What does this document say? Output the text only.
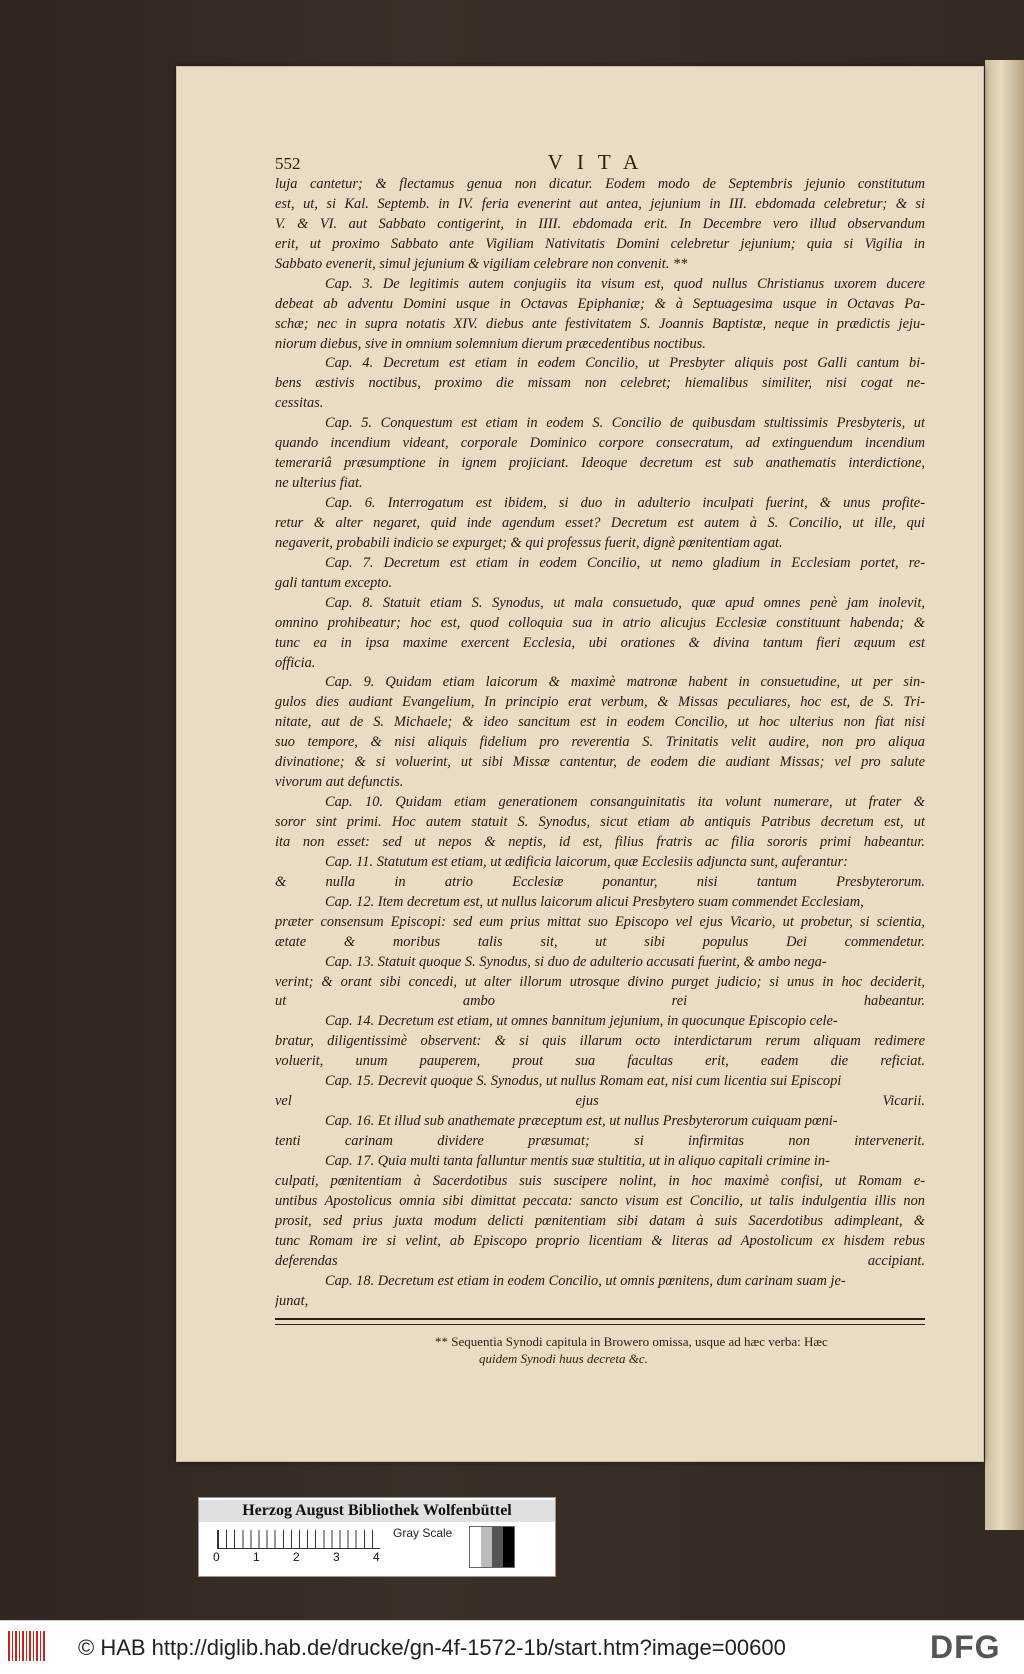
552	VITA
luja cantetur; & flectamus genua non dicatur. Eodem modo de Septembris jejunio constitutum
est, ut, si Kal. Septemb. in IV. feria evenerint aut antea, jejunium in III. ebdomada celebretur; & si
V. & VI. aut Sabbato contigerint, in IIII. ebdomada erit. In Decembre vero illud observandum
erit, ut proximo Sabbato ante Vigiliam Nativitatis Domini celebretur jejunium; quia si Vigilia in
Sabbato evenerit, simul jejunium & vigiliam celebrare non convenit. **
Cap. 3. De legitimis autem conjugiis ita visum est, quod nullus Christianus uxorem ducere
debeat ab adventu Domini usque in Octavas Epiphaniæ; & à Septuagesima usque in Octavas Pa-
schæ; nec in supra notatis XIV. diebus ante festivitatem S. Joannis Baptistæ, neque in prædictis jeju-
niorum diebus, sive in omnium solemnium dierum præcedentibus noctibus.
Cap. 4. Decretum est etiam in eodem Concilio, ut Presbyter aliquis post Galli cantum bi-
bens æstivis noctibus, proximo die missam non celebret; hiemalibus similiter, nisi cogat ne-
cessitas.
Cap. 5. Conquestum est etiam in eodem S. Concilio de quibusdam stultissimis Presbyteris, ut
quando incendium videant, corporale Dominico corpore consecratum, ad extinguendum incendium
temerariâ præsumptione in ignem projiciant. Ideoque decretum est sub anathematis interdictione,
ne ulterius fiat.
Cap. 6. Interrogatum est ibidem, si duo in adulterio inculpati fuerint, & unus profite-
retur & alter negaret, quid inde agendum esset? Decretum est autem à S. Concilio, ut ille, qui
negaverit, probabili indicio se expurget; & qui professus fuerit, dignè pœnitentiam agat.
Cap. 7. Decretum est etiam in eodem Concilio, ut nemo gladium in Ecclesiam portet, re-
gali tantum excepto.
Cap. 8. Statuit etiam S. Synodus, ut mala consuetudo, quæ apud omnes penè jam inolevit,
omnino prohibeatur; hoc est, quod colloquia sua in atrio alicujus Ecclesiæ constituunt habenda; &
tunc ea in ipsa maxime exercent Ecclesia, ubi orationes & divina tantum fieri æquum est
officia.
Cap. 9. Quidam etiam laicorum & maximè matronæ habent in consuetudine, ut per sin-
gulos dies audiant Evangelium, In principio erat verbum, & Missas peculiares, hoc est, de S. Tri-
nitate, aut de S. Michaele; & ideo sancitum est in eodem Concilio, ut hoc ulterius non fiat nisi
suo tempore, & nisi aliquis fidelium pro reverentia S. Trinitatis velit audire, non pro aliqua
divinatione; & si voluerint, ut sibi Missæ cantentur, de eodem die audiant Missas; vel pro salute
vivorum aut defunctis.
Cap. 10. Quidam etiam generationem consanguinitatis ita volunt numerare, ut frater &
soror sint primi. Hoc autem statuit S. Synodus, sicut etiam ab antiquis Patribus decretum est, ut
ita non esset: sed ut nepos & neptis, id est, filius fratris ac filia sororis primi habeantur.
Cap. 11. Statutum est etiam, ut ædificia laicorum, quæ Ecclesiis adjuncta sunt, auferantur:
& nulla in atrio Ecclesiæ ponantur, nisi tantum Presbyterorum.
Cap. 12. Item decretum est, ut nullus laicorum alicui Presbytero suam commendet Ecclesiam,
præter consensum Episcopi: sed eum prius mittat suo Episcopo vel ejus Vicario, ut probetur, si scientia,
ætate & moribus talis sit, ut sibi populus Dei commendetur.
Cap. 13. Statuit quoque S. Synodus, si duo de adulterio accusati fuerint, & ambo nega-
verint; & orant sibi concedi, ut alter illorum utrosque divino purget judicio; si unus in hoc deciderit,
ut ambo rei habeantur.
Cap. 14. Decretum est etiam, ut omnes bannitum jejunium, in quocunque Episcopio cele-
bratur, diligentissimè observent: & si quis illarum octo interdictarum rerum aliquam redimere
voluerit, unum pauperem, prout sua facultas erit, eadem die reficiat.
Cap. 15. Decrevit quoque S. Synodus, ut nullus Romam eat, nisi cum licentia sui Episcopi
vel ejus Vicarii.
Cap. 16. Et illud sub anathemate præceptum est, ut nullus Presbyterorum cuiquam pœni-
tenti carinam dividere præsumat; si infirmitas non intervenerit.
Cap. 17. Quia multi tanta falluntur mentis suæ stultitia, ut in aliquo capitali crimine in-
culpati, pœnitentiam à Sacerdotibus suis suscipere nolint, in hoc maximè confisi, ut Romam e-
untibus Apostolicus omnia sibi dimittat peccata: sancto visum est Concilio, ut talis indulgentia illis non
prosit, sed prius juxta modum delicti pœnitentiam sibi datam à suis Sacerdotibus adimpleant, &
tunc Romam ire si velint, ab Episcopo proprio licentiam & literas ad Apostolicum ex hisdem rebus
deferendas accipiant.
Cap. 18. Decretum est etiam in eodem Concilio, ut omnis pœnitens, dum carinam suam je-
junat,
** Sequentia Synodi capitula in Browero omissa, usque ad hæc verba: Hæc
quidem Synodi huus decreta &c.
Herzog August Bibliothek Wolfenbüttel
0	1	2	3	4
Gray Scale
© HAB http://diglib.hab.de/drucke/gn-4f-1572-1b/start.htm?image=00600	DFG
